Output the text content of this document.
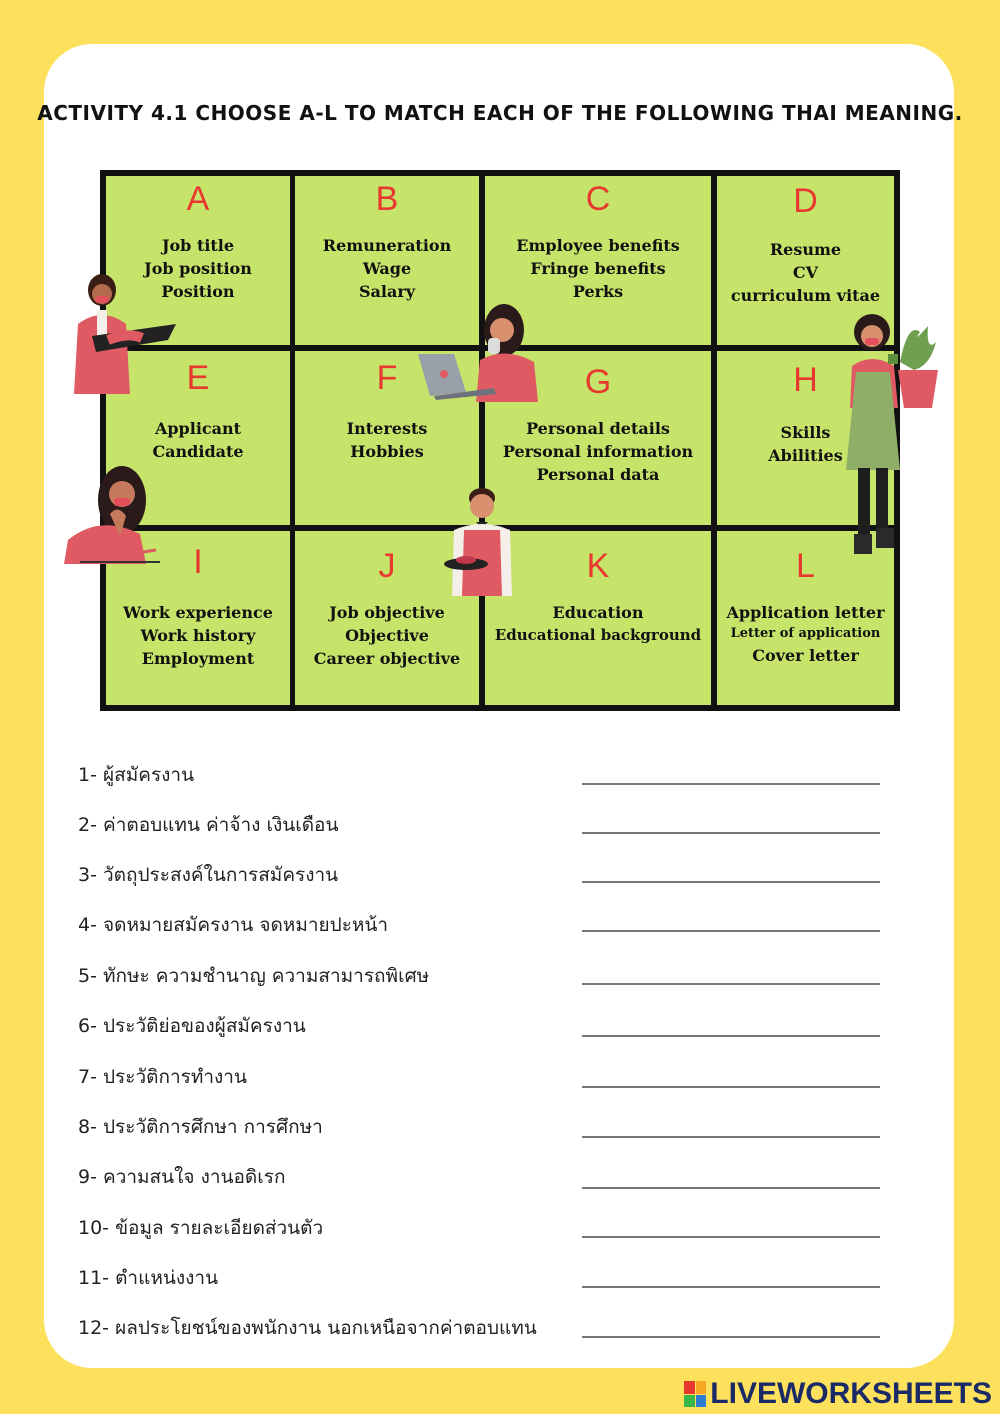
ACTIVITY 4.1 CHOOSE A-L TO MATCH EACH OF THE FOLLOWING THAI MEANING.
A
Job title
Job position
Position
B
Remuneration
Wage
Salary
C
Employee benefits
Fringe benefits
Perks
D
Resume
CV
curriculum vitae
E
Applicant
Candidate
F
Interests
Hobbies
G
Personal details
Personal information
Personal data
H
Skills
Abilities
I
Work experience
Work history
Employment
J
Job objective
Objective
Career objective
K
Education
Educational background
L
Application letter
Letter of application
Cover letter
1- ผู้สมัครงาน
2- ค่าตอบแทน ค่าจ้าง เงินเดือน
3- วัตถุประสงค์ในการสมัครงาน
4- จดหมายสมัครงาน จดหมายปะหน้า
5- ทักษะ ความชำนาญ ความสามารถพิเศษ
6- ประวัติย่อของผู้สมัครงาน
7- ประวัติการทำงาน
8- ประวัติการศึกษา การศึกษา
9- ความสนใจ งานอดิเรก
10- ข้อมูล รายละเอียดส่วนตัว
11- ตำแหน่งงาน
12- ผลประโยชน์ของพนักงาน นอกเหนือจากค่าตอบแทน
LIVEWORKSHEETS
